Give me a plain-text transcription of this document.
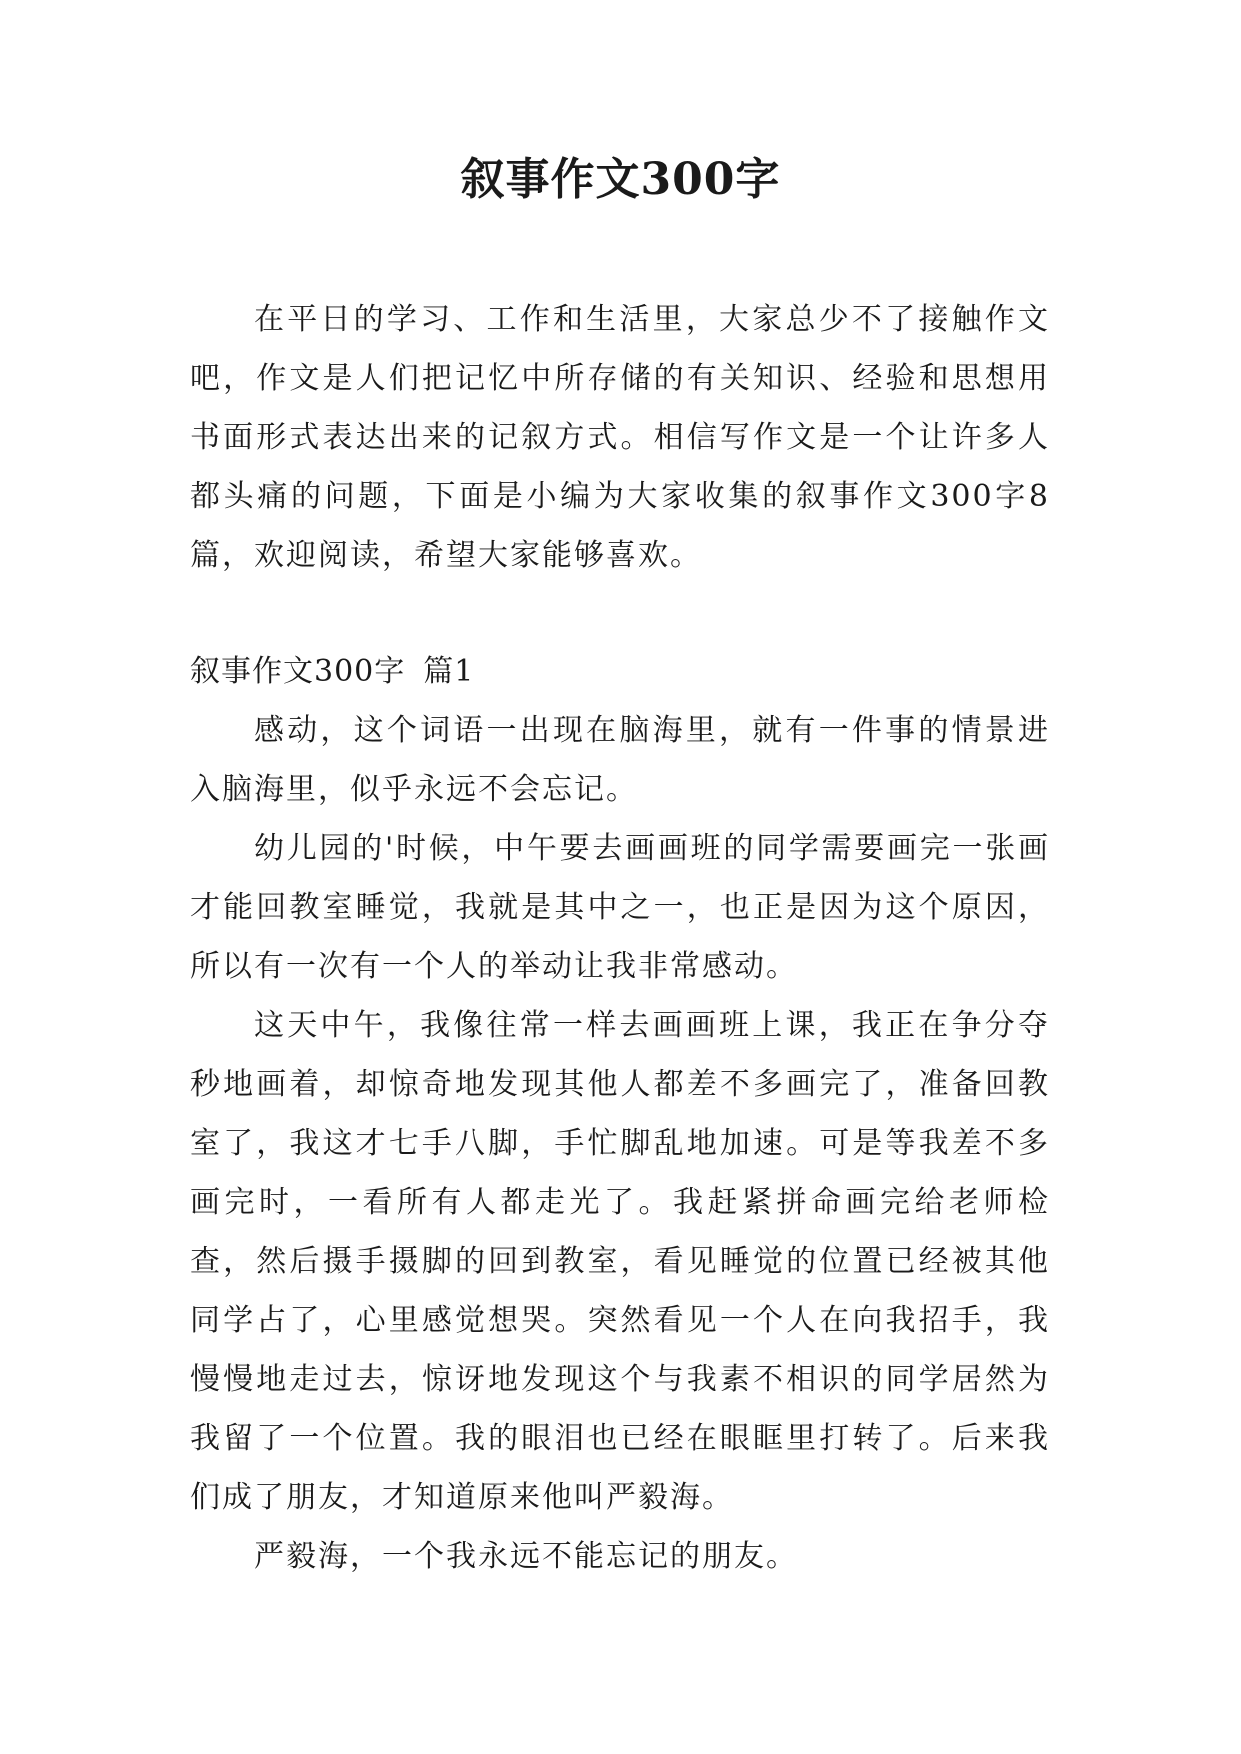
叙事作文300字

在平日的学习、工作和生活里，大家总少不了接触作文吧，作文是人们把记忆中所存储的有关知识、经验和思想用书面形式表达出来的记叙方式。相信写作文是一个让许多人都头痛的问题，下面是小编为大家收集的叙事作文300字8篇，欢迎阅读，希望大家能够喜欢。

叙事作文300字 篇1

感动，这个词语一出现在脑海里，就有一件事的情景进入脑海里，似乎永远不会忘记。

幼儿园的'时候，中午要去画画班的同学需要画完一张画才能回教室睡觉，我就是其中之一，也正是因为这个原因，所以有一次有一个人的举动让我非常感动。

这天中午，我像往常一样去画画班上课，我正在争分夺秒地画着，却惊奇地发现其他人都差不多画完了，准备回教室了，我这才七手八脚，手忙脚乱地加速。可是等我差不多画完时，一看所有人都走光了。我赶紧拼命画完给老师检查，然后摄手摄脚的回到教室，看见睡觉的位置已经被其他同学占了，心里感觉想哭。突然看见一个人在向我招手，我慢慢地走过去，惊讶地发现这个与我素不相识的同学居然为我留了一个位置。我的眼泪也已经在眼眶里打转了。后来我们成了朋友，才知道原来他叫严毅海。

严毅海，一个我永远不能忘记的朋友。
